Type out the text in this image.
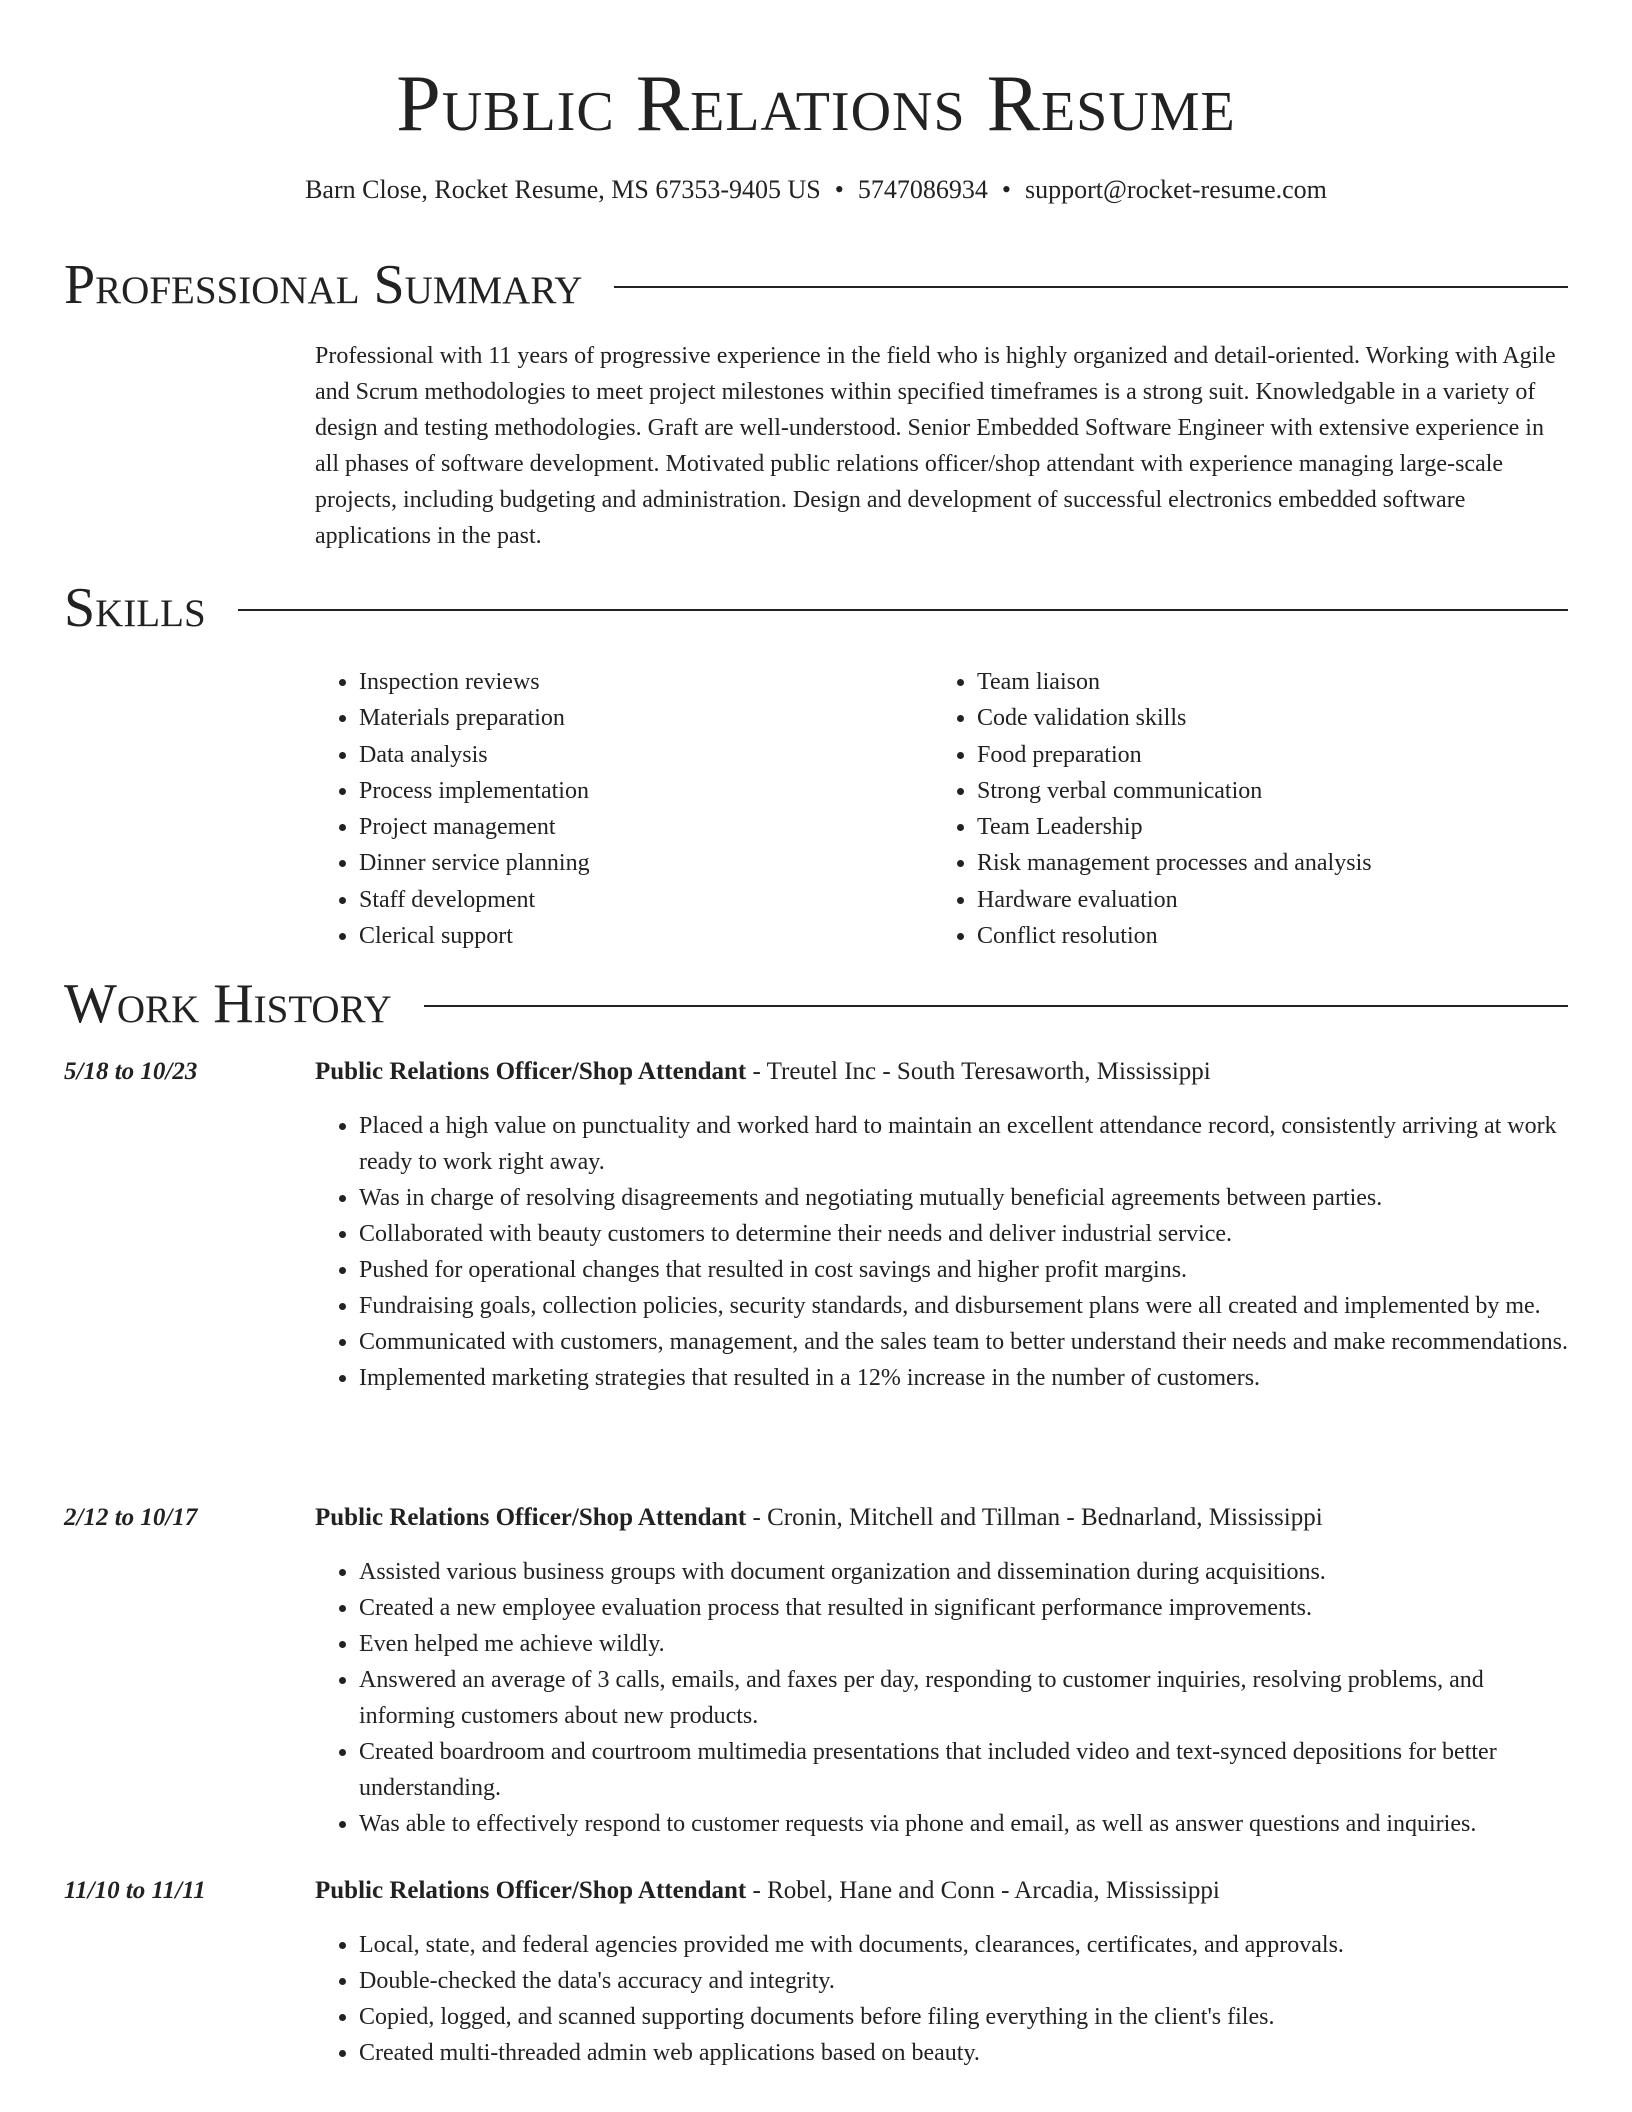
Public Relations Resume
Barn Close, Rocket Resume, MS 67353-9405 US • 5747086934 • support@rocket-resume.com
Professional Summary

Professional with 11 years of progressive experience in the field who is highly organized and detail-oriented. Working with Agile and Scrum methodologies to meet project milestones within specified timeframes is a strong suit. Knowledgable in a variety of design and testing methodologies. Graft are well-understood. Senior Embedded Software Engineer with extensive experience in all phases of software development. Motivated public relations officer/shop attendant with experience managing large-scale projects, including budgeting and administration. Design and development of successful electronics embedded software applications in the past.

Skills
• Inspection reviews
• Materials preparation
• Data analysis
• Process implementation
• Project management
• Dinner service planning
• Staff development
• Clerical support
• Team liaison
• Code validation skills
• Food preparation
• Strong verbal communication
• Team Leadership
• Risk management processes and analysis
• Hardware evaluation
• Conflict resolution
Work History
5/18 to 10/23	Public Relations Officer/Shop Attendant - Treutel Inc - South Teresaworth, Mississippi
• Placed a high value on punctuality and worked hard to maintain an excellent attendance record, consistently arriving at work ready to work right away.
• Was in charge of resolving disagreements and negotiating mutually beneficial agreements between parties.
• Collaborated with beauty customers to determine their needs and deliver industrial service.
• Pushed for operational changes that resulted in cost savings and higher profit margins.
• Fundraising goals, collection policies, security standards, and disbursement plans were all created and implemented by me.
• Communicated with customers, management, and the sales team to better understand their needs and make recommendations.
• Implemented marketing strategies that resulted in a 12% increase in the number of customers.
2/12 to 10/17	Public Relations Officer/Shop Attendant - Cronin, Mitchell and Tillman - Bednarland, Mississippi
• Assisted various business groups with document organization and dissemination during acquisitions.
• Created a new employee evaluation process that resulted in significant performance improvements.
• Even helped me achieve wildly.
• Answered an average of 3 calls, emails, and faxes per day, responding to customer inquiries, resolving problems, and informing customers about new products.
• Created boardroom and courtroom multimedia presentations that included video and text-synced depositions for better understanding.
• Was able to effectively respond to customer requests via phone and email, as well as answer questions and inquiries.
11/10 to 11/11	Public Relations Officer/Shop Attendant - Robel, Hane and Conn - Arcadia, Mississippi
• Local, state, and federal agencies provided me with documents, clearances, certificates, and approvals.
• Double-checked the data's accuracy and integrity.
• Copied, logged, and scanned supporting documents before filing everything in the client's files.
• Created multi-threaded admin web applications based on beauty.
